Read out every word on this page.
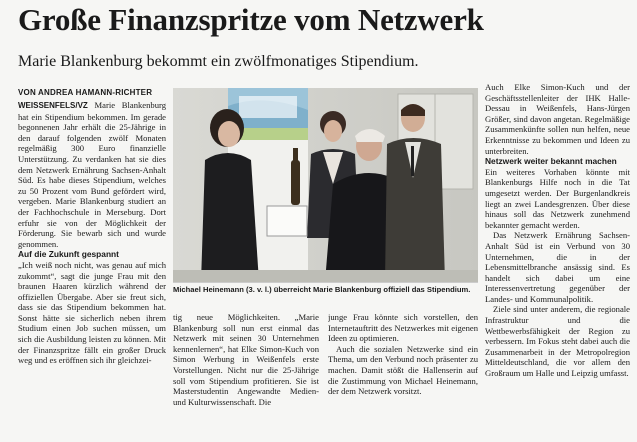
Große Finanzspritze vom Netzwerk
Marie Blankenburg bekommt ein zwölfmonatiges Stipendium.
VON ANDREA HAMANN-RICHTER

WEISSENFELS/VZ Marie Blankenburg hat ein Stipendium bekommen. Im gerade begonnenen Jahr erhält die 25-Jährige in den darauf folgenden zwölf Monaten regelmäßig 300 Euro finanzielle Unterstützung. Zu verdanken hat sie dies dem Netzwerk Ernährung Sachsen-Anhalt Süd. Es habe dieses Stipendium, welches zu 50 Prozent vom Bund gefördert wird, vergeben. Marie Blankenburg studiert an der Fachhochschule in Merseburg. Dort erfuhr sie von der Möglichkeit der Förderung. Sie bewarb sich und wurde genommen.

Auf die Zukunft gespannt

„Ich weiß noch nicht, was genau auf mich zukommt“, sagt die junge Frau mit den braunen Haaren kürzlich während der offiziellen Übergabe. Aber sie freut sich, dass sie das Stipendium bekommen hat. Sonst hätte sie sicherlich neben ihrem Studium einen Job suchen müssen, um sich die Ausbildung leisten zu können. Mit der Finanzspritze fällt ein großer Druck weg und es eröffnen sich ihr gleichzei-

Michael Heinemann (3. v. l.) überreicht Marie Blankenburg offiziell das Stipendium.

tig neue Möglichkeiten. „Marie Blankenburg soll nun erst einmal das Netzwerk mit seinen 30 Unternehmen kennenlernen“, hat Elke Simon-Kuch von Simon Werbung in Weißenfels erste Vorstellungen. Nicht nur die 25-Jährige soll vom Stipendium profitieren. Sie ist Masterstudentin Angewandte Medien- und Kulturwissenschaft. Die

junge Frau könnte sich vorstellen, den Internetauftritt des Netzwerkes mit eigenen Ideen zu optimieren.

Auch die sozialen Netzwerke sind ein Thema, um den Verbund noch präsenter zu machen. Damit stößt die Hallenserin auf die Zustimmung von Michael Heinemann, der dem Netzwerk vorsitzt.

Auch Elke Simon-Kuch und der Geschäftsstellenleiter der IHK Halle-Dessau in Weißenfels, Hans-Jürgen Größer, sind davon angetan. Regelmäßige Zusammenkünfte sollen nun helfen, neue Erkenntnisse zu bekommen und Ideen zu unterbreiten.

Netzwerk weiter bekannt machen

Ein weiteres Vorhaben könnte mit Blankenburgs Hilfe noch in die Tat umgesetzt werden. Der Burgenlandkreis liegt an zwei Landesgrenzen. Über diese hinaus soll das Netzwerk zunehmend bekannter gemacht werden.

Das Netzwerk Ernährung Sachsen-Anhalt Süd ist ein Verbund von 30 Unternehmen, die in der Lebensmittelbranche ansässig sind. Es handelt sich dabei um eine Interessenvertretung gegenüber der Landes- und Kommunalpolitik.

Ziele sind unter anderem, die regionale Infrastruktur und die Wettbewerbsfähigkeit der Region zu verbessern. Im Fokus steht dabei auch die Zusammenarbeit in der Metropolregion Mitteldeutschland, die vor allem den Großraum um Halle und Leipzig umfasst.
